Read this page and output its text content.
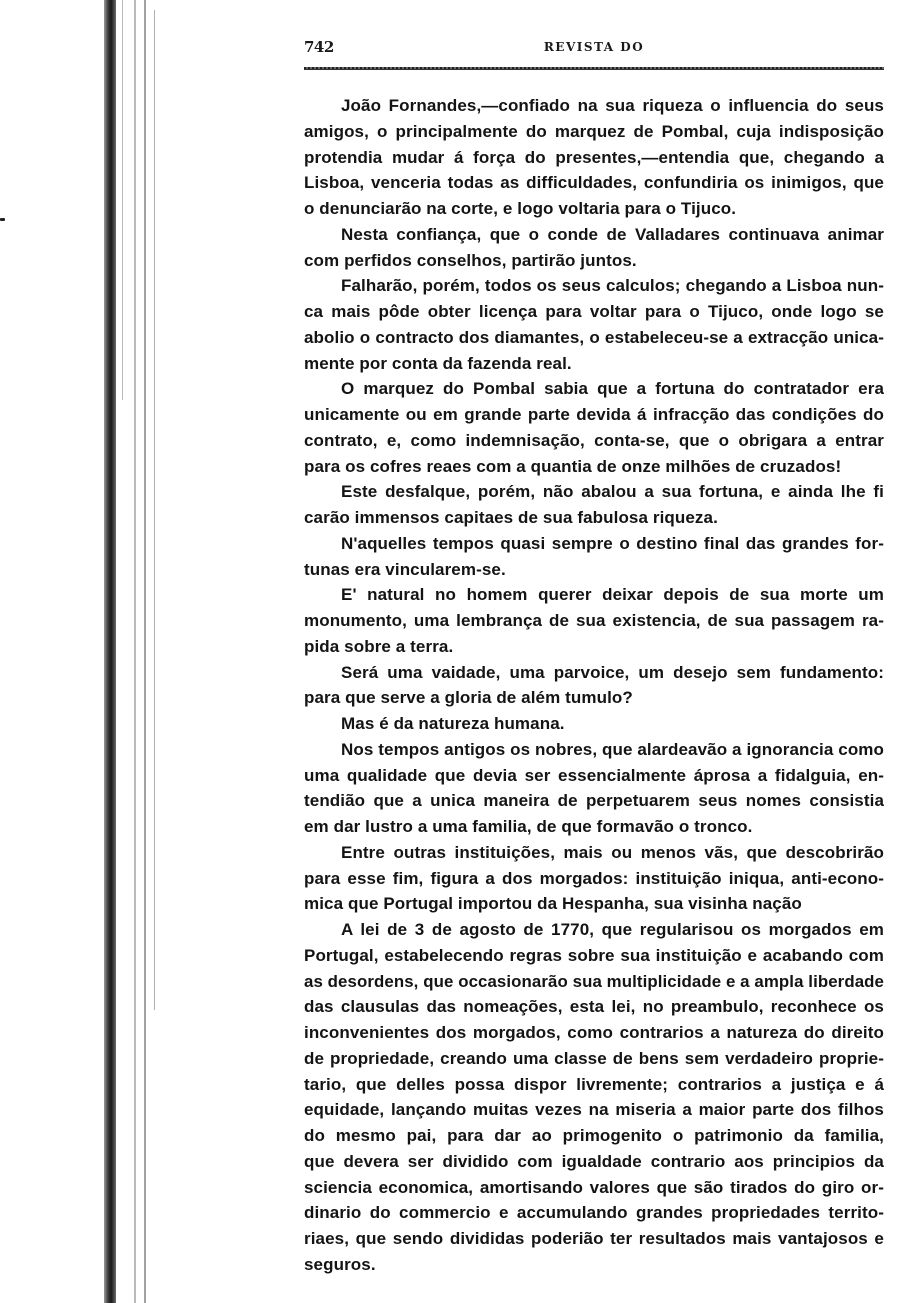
742	REVISTA DO
João Fornandes,—confiado na sua riqueza o influencia do seus
amigos, o principalmente do marquez de Pombal, cuja indisposição
protendia mudar á força do presentes,—entendia que, chegando a
Lisboa, venceria todas as difficuldades, confundiria os inimigos, que
o denunciarão na corte, e logo voltaria para o Tijuco.
Nesta confiança, que o conde de Valladares continuava animar
com perfidos conselhos, partirão juntos.
Falharão, porém, todos os seus calculos; chegando a Lisboa nun-
ca mais pôde obter licença para voltar para o Tijuco, onde logo se
abolio o contracto dos diamantes, o estabeleceu-se a extracção unica-
mente por conta da fazenda real.
O marquez do Pombal sabia que a fortuna do contratador era
unicamente ou em grande parte devida á infracção das condições do
contrato, e, como indemnisação, conta-se, que o obrigara a entrar
para os cofres reaes com a quantia de onze milhões de cruzados!
Este desfalque, porém, não abalou a sua fortuna, e ainda lhe fi
carão immensos capitaes de sua fabulosa riqueza.
N'aquelles tempos quasi sempre o destino final das grandes for-
tunas era vincularem-se.
E' natural no homem querer deixar depois de sua morte um
monumento, uma lembrança de sua existencia, de sua passagem ra-
pida sobre a terra.
Será uma vaidade, uma parvoice, um desejo sem fundamento:
para que serve a gloria de além tumulo?
Mas é da natureza humana.
Nos tempos antigos os nobres, que alardeavão a ignorancia como
uma qualidade que devia ser essencialmente áprosa a fidalguia, en-
tendião que a unica maneira de perpetuarem seus nomes consistia
em dar lustro a uma familia, de que formavão o tronco.
Entre outras instituições, mais ou menos vãs, que descobrirão
para esse fim, figura a dos morgados: instituição iniqua, anti-econo-
mica que Portugal importou da Hespanha, sua visinha nação
A lei de 3 de agosto de 1770, que regularisou os morgados em
Portugal, estabelecendo regras sobre sua instituição e acabando com
as desordens, que occasionarão sua multiplicidade e a ampla liberdade
das clausulas das nomeações, esta lei, no preambulo, reconhece os
inconvenientes dos morgados, como contrarios a natureza do direito
de propriedade, creando uma classe de bens sem verdadeiro proprie-
tario, que delles possa dispor livremente; contrarios a justiça e á
equidade, lançando muitas vezes na miseria a maior parte dos filhos
do mesmo pai, para dar ao primogenito o patrimonio da familia,
que devera ser dividido com igualdade contrario aos principios da
sciencia economica, amortisando valores que são tirados do giro or-
dinario do commercio e accumulando grandes propriedades territo-
riaes, que sendo divididas poderião ter resultados mais vantajosos e
seguros.
